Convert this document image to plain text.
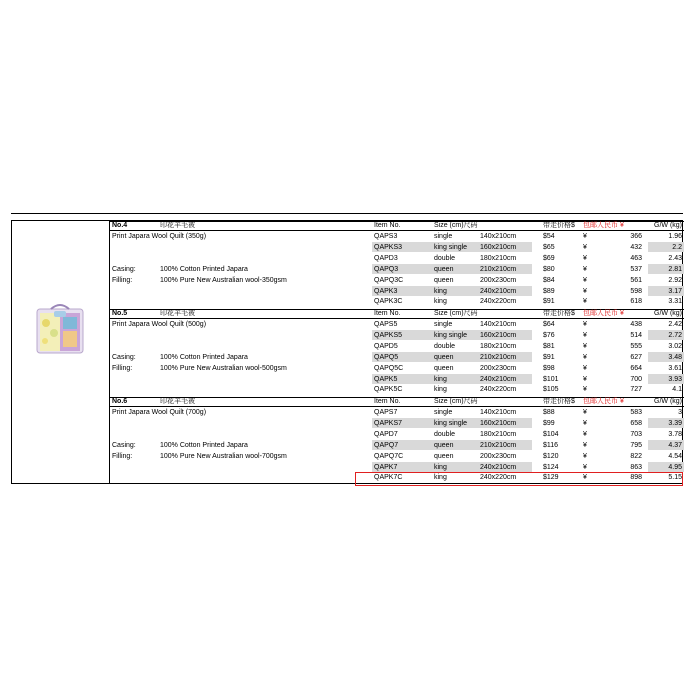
No.4	印花羊毛被	Item No.	Size (cm)尺码	带走价格$ 包邮人民币 ¥	G/W (kg)
Print Japara Wool Quilt (350g)
Casing:	100% Cotton Printed Japara
Filling:	100% Pure New Australian wool-350gsm
QAPS3	single	140x210cm	$54	¥	366	1.96
QAPKS3	king single 160x210cm	$65	¥	432	2.2
QAPD3	double	180x210cm	$69	¥	463	2.43
QAPQ3	queen	210x210cm	$80	¥	537	2.81
QAPQ3C	queen	200x230cm	$84	¥	561	2.92
QAPK3	king	240x210cm	$89	¥	598	3.17
QAPK3C	king	240x220cm	$91	¥	618	3.31
No.5	印花羊毛被	Item No.	Size (cm)尺码	带走价格$ 包邮人民币 ¥	G/W (kg)
Print Japara Wool Quilt (500g)
Casing:	100% Cotton Printed Japara
Filling:	100% Pure New Australian wool-500gsm
QAPS5	single	140x210cm	$64	¥	438	2.42
QAPKS5	king single 160x210cm	$76	¥	514	2.72
QAPD5	double	180x210cm	$81	¥	555	3.02
QAPQ5	queen	210x210cm	$91	¥	627	3.48
QAPQ5C	queen	200x230cm	$98	¥	664	3.61
QAPK5	king	240x210cm	$101	¥	700	3.93
QAPK5C	king	240x220cm	$105	¥	727	4.1
No.6	印花羊毛被	Item No.	Size (cm)尺码	带走价格$ 包邮人民币 ¥	G/W (kg)
Print Japara Wool Quilt (700g)
Casing:	100% Cotton Printed Japara
Filling:	100% Pure New Australian wool-700gsm
QAPS7	single	140x210cm	$88	¥	583	3
QAPKS7	king single 160x210cm	$99	¥	658	3.39
QAPD7	double	180x210cm	$104	¥	703	3.78
QAPQ7	queen	210x210cm	$116	¥	795	4.37
QAPQ7C	queen	200x230cm	$120	¥	822	4.54
QAPK7	king	240x210cm	$124	¥	863	4.95
QAPK7C	king	240x220cm	$129	¥	898	5.15
